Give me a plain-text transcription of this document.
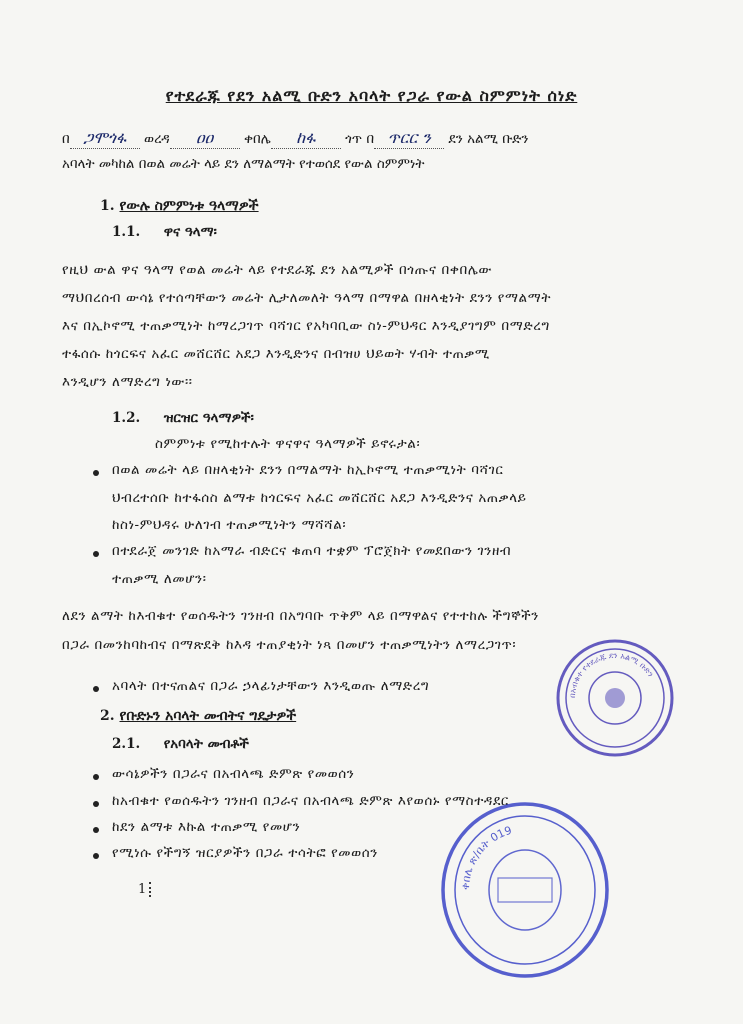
የተደራጁ የደን አልሚ ቡድን አባላት የጋራ የውል ስምምነት ሰነድ
በ ጋሞጎፋ ወረዳ ዐዐ ቀበሌ ከፋ ጎጥ በ ጥርር ን ደን አልሚ ቡድን
አባላት መካከል በወል መሬት ላይ ደን ለማልማት የተወሰደ የውል ስምምነት
1. የውሉ ስምምነቱ ዓላማዎች
1.1. ዋና ዓላማ፡
የዚህ ውል ዋና ዓላማ የወል መሬት ላይ የተደራጁ ደን አልሚዎች በጎጡና በቀበሌው
ማህበረሰብ ውሳኔ የተሰጣቸውን መሬት ሊታለመለት ዓላማ በማዋል በዘላቂነት ደንን የማልማት
እና በኢኮኖሚ ተጠቃሚነት ከማረጋገጥ ባሻገር የአካባቢው ስነ-ምህዳር እንዲያገግም በማድረግ
ተፋሰሱ ከጎርፍና አፈር መሸርሸር አደጋ እንዲድንና በብዝሀ ህይወት ሃብት ተጠቃሚ
እንዲሆን ለማድረግ ነው፡፡
1.2. ዝርዝር ዓላማዎች፡
ስምምነቱ የሚከተሉት ዋናዋና ዓላማዎች ይኖሩታል፡
በወል መሬት ላይ በዘላቂነት ደንን በማልማት ከኢኮኖሚ ተጠቃሚነት ባሻገር
ህብረተሰቡ ከተፋሰስ ልማቱ ከጎርፍና አፈር መሸርሸር አደጋ እንዲድንና አጠቃላይ
ከስነ-ምህዳሩ ሁለገብ ተጠቃሚነትን ማሻሻል፡
በተደራጀ መንገድ ከአማራ ብድርና ቁጠባ ተቋም ፕሮጀክት የመደበውን ገንዘብ
ተጠቃሚ ለመሆን፡
ለደን ልማት ከእብቁተ የወሰዱትን ገንዘብ በአግባቡ ጥቅም ላይ በማዋልና የተተከሉ ችግኞችን
በጋራ በመንከባከብና በማጽደቅ ከእዳ ተጠያቂነት ነጻ በመሆን ተጠቃሚነትን ለማረጋገጥ፡
አባላት በተናጠልና በጋራ ኃላፊነታቸውን እንዲወጡ ለማድረግ
2. የቡድኑን አባላት መብትና ግዴታዎች
2.1. የአባላት መብቶች
ውሳኔዎችን በጋራና በአብላጫ ድምጽ የመወሰን
ከአብቁተ የወሰዱትን ገንዘብ በጋራና በአብላጫ ድምጽ እየወሰኑ የማስተዳደር
ከደን ልማቱ እኩል ተጠቃሚ የመሆን
የሚነሱ የችግኝ ዝርያዎችን በጋራ ተሳትፎ የመወሰን
1
በአብቁተ የተደራጁ ደን አልሚ ቡድን
ቀበሌ ጽ/ቤት 019
